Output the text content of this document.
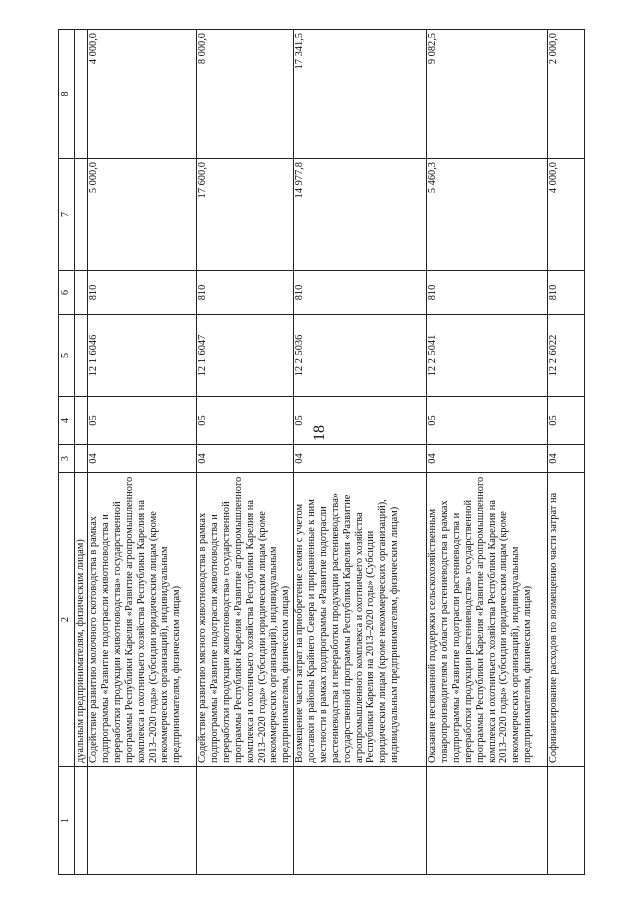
18
1	2	3	4	5	6	7	8
	дуальным предпринимателям, физическим лицам)						
	Содействие развитию молочного скотоводства в рамках подпрограммы «Развитие подотрасли животноводства и переработки продукции животноводства» государственной программы Республики Карелия «Развитие агропромышленного комплекса и охотничьего хозяйства Республики Карелия на 2013–2020 годы» (Субсидии юридическим лицам (кроме некоммерческих организаций), индивидуальным предпринимателям, физическим лицам)	04	05	12 1 6046	810	5 000,0	4 000,0
	Содействие развитию мясного животноводства в рамках подпрограммы «Развитие подотрасли животноводства и переработки продукции животноводства» государственной программы Республики Карелия «Развитие агропромышленного комплекса и охотничьего хозяйства Республики Карелия на 2013–2020 годы» (Субсидии юридическим лицам (кроме некоммерческих организаций), индивидуальным предпринимателям, физическим лицам)	04	05	12 1 6047	810	17 600,0	8 000,0
	Возмещение части затрат на приобретение семян с учетом доставки в районы Крайнего Севера и приравненные к ним местности в рамках подпрограммы «Развитие подотрасли растениеводства и переработки продукции растениеводства» государственной программы Республики Карелия «Развитие агропромышленного комплекса и охотничьего хозяйства Республики Карелия на 2013–2020 годы» (Субсидии юридическим лицам (кроме некоммерческих организаций), индивидуальным предпринимателям, физическим лицам)	04	05	12 2 5036	810	14 977,8	17 341,5
	Оказание несвязанной поддержки сельскохозяйственным товаропроизводителям в области растениеводства в рамках подпрограммы «Развитие подотрасли растениеводства и переработки продукции растениеводства» государственной программы Республики Карелия «Развитие агропромышленного комплекса и охотничьего хозяйства Республики Карелия на 2013–2020 годы» (Субсидии юридическим лицам (кроме некоммерческих организаций), индивидуальным предпринимателям, физическим лицам)	04	05	12 2 5041	810	5 460,3	9 082,5
	Софинансирование расходов по возмещению части затрат на	04	05	12 2 6022	810	4 000,0	2 000,0
